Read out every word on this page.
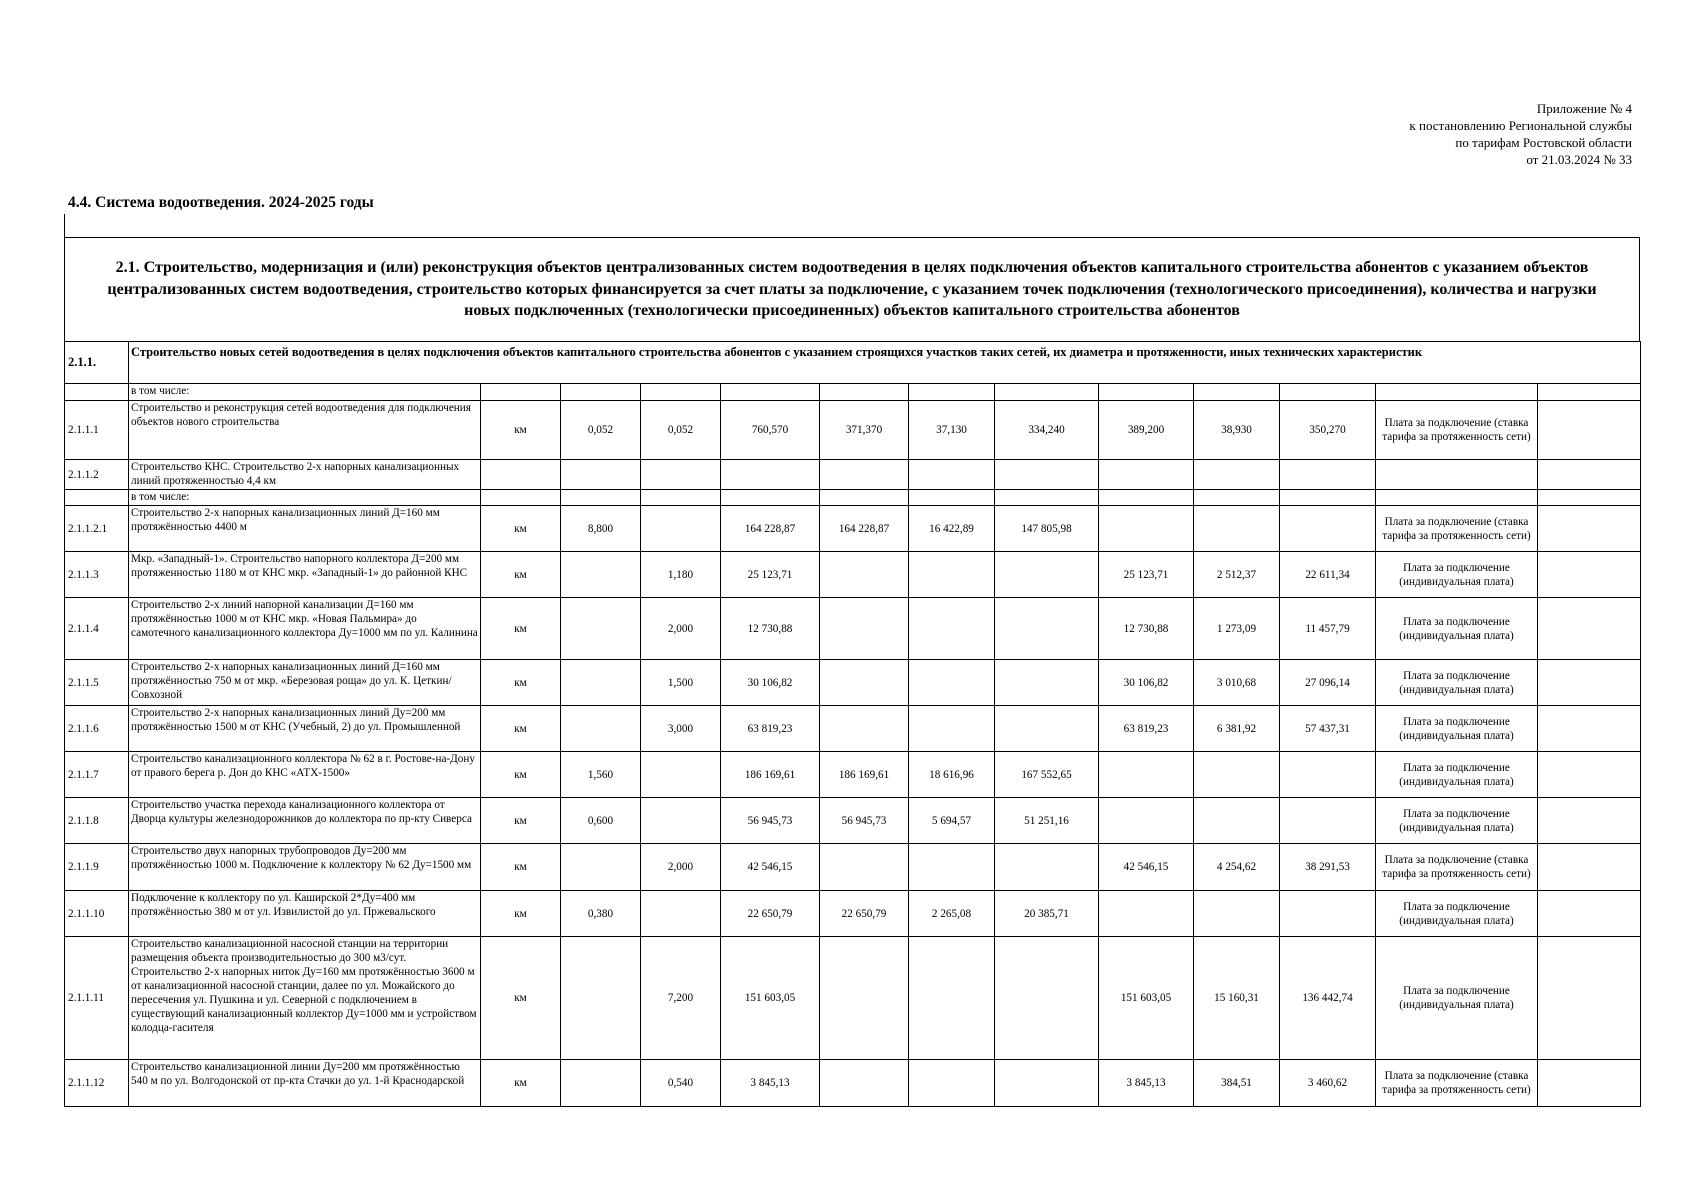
Приложение № 4
к постановлению Региональной службы
по тарифам Ростовской области
от 21.03.2024 № 33
4.4. Система водоотведения. 2024-2025 годы
2.1. Строительство, модернизация и (или) реконструкция объектов централизованных систем водоотведения в целях подключения объектов капитального строительства абонентов с указанием объектов централизованных систем водоотведения, строительство которых финансируется за счет платы за подключение, с указанием точек подключения (технологического присоединения), количества и нагрузки новых подключенных (технологически присоединенных) объектов капитального строительства абонентов
2.1.1.	Строительство новых сетей водоотведения в целях подключения объектов капитального строительства абонентов с указанием строящихся участков таких сетей, их диаметра и протяженности, иных технических характеристик												
	в том числе:												
2.1.1.1	Строительство и реконструкция сетей водоотведения для подключения объектов нового строительства	км	0,052	0,052	760,570	371,370	37,130	334,240	389,200	38,930	350,270	Плата за подключение (ставка тарифа за протяженность сети)	
2.1.1.2	Строительство КНС. Строительство 2-х напорных канализационных линий протяженностью 4,4 км												
	в том числе:												
2.1.1.2.1	Строительство 2-х напорных канализационных линий Д=160 мм протяжённостью 4400 м	км	8,800		164 228,87	164 228,87	16 422,89	147 805,98				Плата за подключение (ставка тарифа за протяженность сети)	
2.1.1.3	Мкр. «Западный-1». Строительство напорного коллектора Д=200 мм протяженностью 1180 м от КНС мкр. «Западный-1» до районной КНС	км		1,180	25 123,71				25 123,71	2 512,37	22 611,34	Плата за подключение (индивидуальная плата)	
2.1.1.4	Строительство 2-х линий напорной канализации Д=160 мм протяжённостью 1000 м от КНС мкр. «Новая Пальмира» до самотечного канализационного коллектора Ду=1000 мм по ул. Калинина	км		2,000	12 730,88				12 730,88	1 273,09	11 457,79	Плата за подключение (индивидуальная плата)	
2.1.1.5	Строительство 2-х напорных канализационных линий Д=160 мм протяжённостью 750 м от мкр. «Березовая роща» до ул. К. Цеткин/Совхозной	км		1,500	30 106,82				30 106,82	3 010,68	27 096,14	Плата за подключение (индивидуальная плата)	
2.1.1.6	Строительство 2-х напорных канализационных линий Ду=200 мм протяжённостью 1500 м от КНС (Учебный, 2) до ул. Промышленной	км		3,000	63 819,23				63 819,23	6 381,92	57 437,31	Плата за подключение (индивидуальная плата)	
2.1.1.7	Строительство канализационного коллектора № 62 в г. Ростове-на-Дону от правого берега р. Дон до КНС «АТХ-1500»	км	1,560		186 169,61	186 169,61	18 616,96	167 552,65				Плата за подключение (индивидуальная плата)	
2.1.1.8	Строительство участка перехода канализационного коллектора от Дворца культуры железнодорожников до коллектора по пр-кту Сиверса	км	0,600		56 945,73	56 945,73	5 694,57	51 251,16				Плата за подключение (индивидуальная плата)	
2.1.1.9	Строительство двух напорных трубопроводов Ду=200 мм протяжённостью 1000 м. Подключение к коллектору № 62 Ду=1500 мм	км		2,000	42 546,15				42 546,15	4 254,62	38 291,53	Плата за подключение (ставка тарифа за протяженность сети)	
2.1.1.10	Подключение к коллектору по ул. Каширской 2*Ду=400 мм протяжённостью 380 м от ул. Извилистой до ул. Пржевальского	км	0,380		22 650,79	22 650,79	2 265,08	20 385,71				Плата за подключение (индивидуальная плата)	
2.1.1.11	Строительство канализационной насосной станции на территории размещения объекта производительностью до 300 м3/сут. Строительство 2-х напорных ниток Ду=160 мм протяжённостью 3600 м от канализационной насосной станции, далее по ул. Можайского до пересечения ул. Пушкина и ул. Северной с подключением в существующий канализационный коллектор Ду=1000 мм и устройством колодца-гасителя	км		7,200	151 603,05				151 603,05	15 160,31	136 442,74	Плата за подключение (индивидуальная плата)	
2.1.1.12	Строительство канализационной линии Ду=200 мм протяжённостью 540 м по ул. Волгодонской от пр-кта Стачки до ул. 1-й Краснодарской	км		0,540	3 845,13				3 845,13	384,51	3 460,62	Плата за подключение (ставка тарифа за протяженность сети)	
